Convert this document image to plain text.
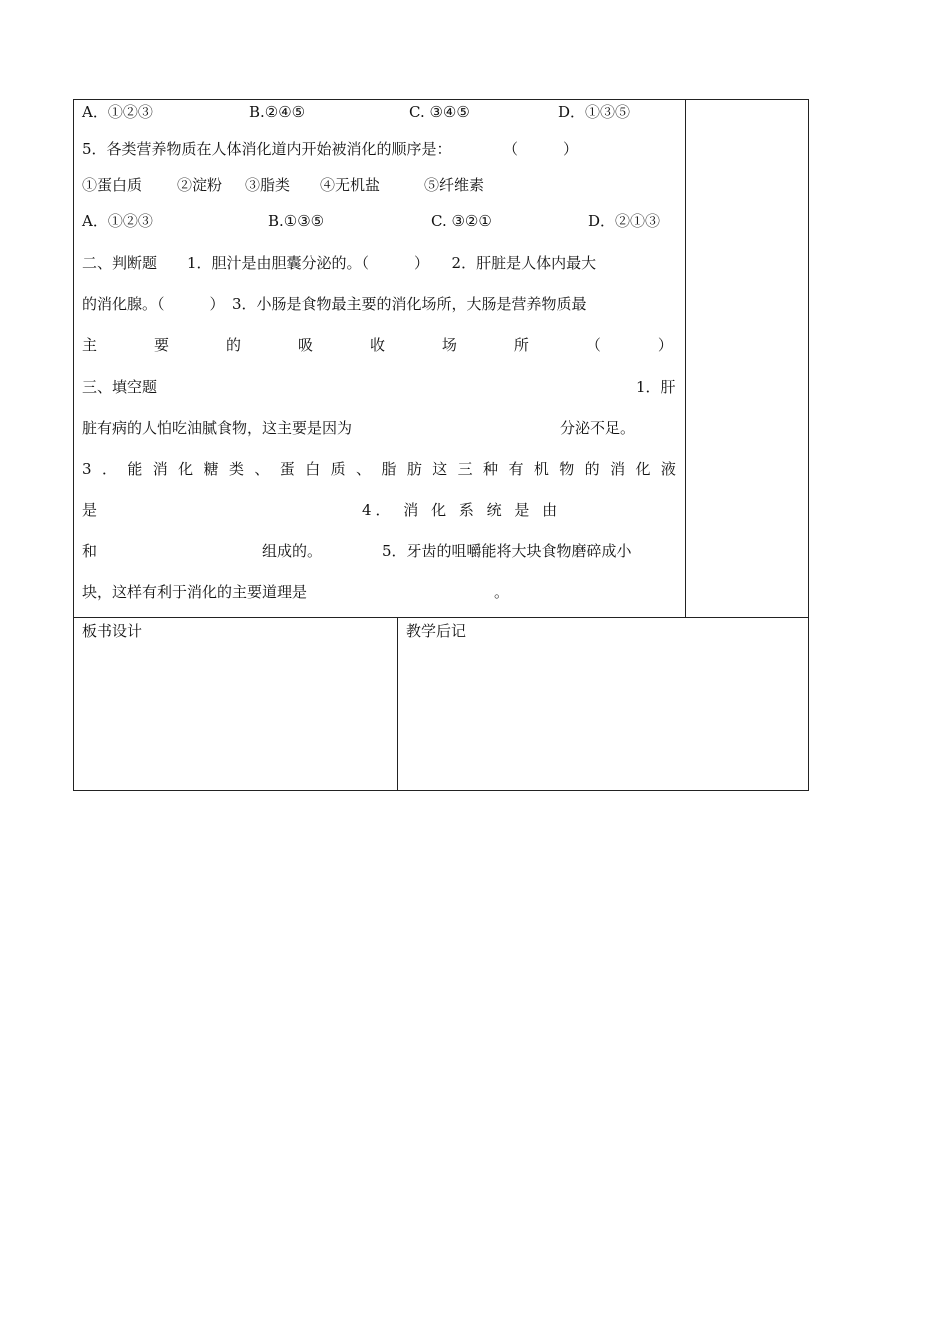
A．①②③	B.②④⑤	C. ③④⑤	D．①③⑤
5．各类营养物质在人体消化道内开始被消化的顺序是：	（　　　）
①蛋白质 ②淀粉 ③脂类 ④无机盐	⑤纤维素
A．①②③	B.①③⑤	C. ③②①	D．②①③
二、判断题　　1．胆汁是由胆囊分泌的。（　　　）　　2．肝脏是人体内最大
的消化腺。（　　　）　3．小肠是食物最主要的消化场所，大肠是营养物质最
主	要	的	吸	收	场	所	（	）
三、填空题	1．肝
脏有病的人怕吃油腻食物，这主要是因为	分泌不足。
3 ． 能 消 化 糖 类 、 蛋 白 质 、 脂 肪 这 三 种 有 机 物 的 消 化 液
是	4． 消 化 系 统 是 由
和	组成的。	5．牙齿的咀嚼能将大块食物磨碎成小
块，这样有利于消化的主要道理是	。
板书设计	教学后记
